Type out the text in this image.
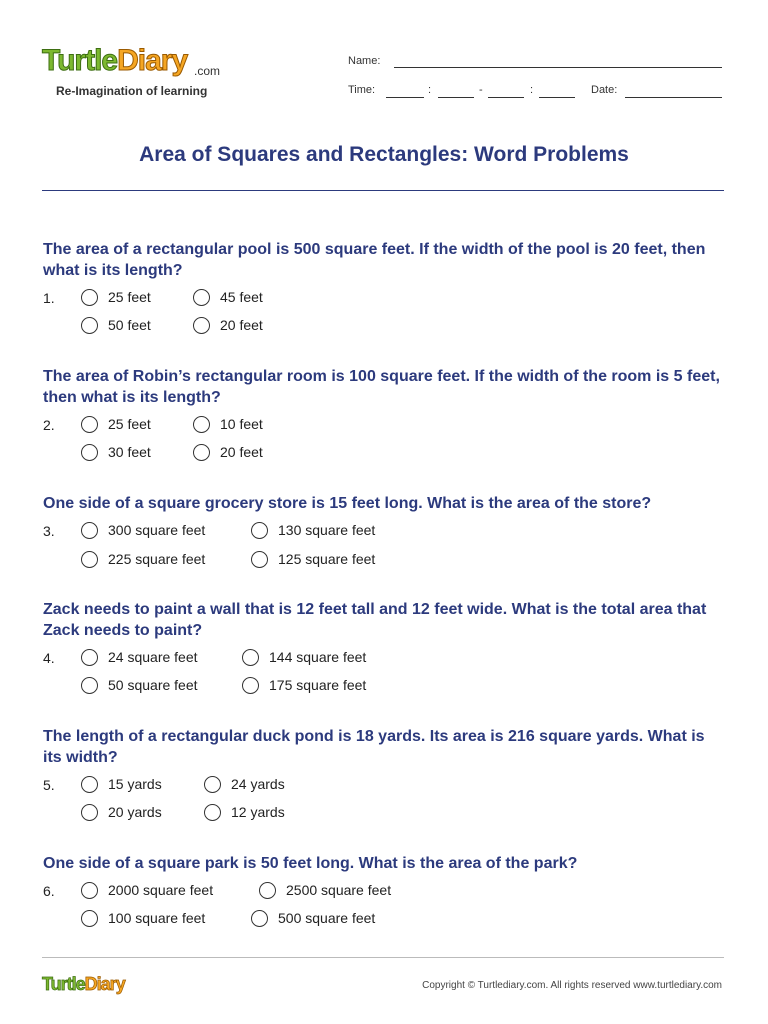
TurtleDiary .com
Re-Imagination of learning
Name:
Time:	:	-	:	Date:
Area of Squares and Rectangles: Word Problems
The area of a rectangular pool is 500 square feet. If the width of the pool is 20 feet, then what is its length?
1.	25 feet	45 feet
50 feet	20 feet
The area of Robin’s rectangular room is 100 square feet. If the width of the room is 5 feet, then what is its length?
2.	25 feet	10 feet
30 feet	20 feet
One side of a square grocery store is 15 feet long. What is the area of the store?
3.	300 square feet	130 square feet
225 square feet	125 square feet
Zack needs to paint a wall that is 12 feet tall and 12 feet wide. What is the total area that Zack needs to paint?
4.	24 square feet	144 square feet
50 square feet	175 square feet
The length of a rectangular duck pond is 18 yards. Its area is 216 square yards. What is its width?
5.	15 yards	24 yards
20 yards	12 yards
One side of a square park is 50 feet long. What is the area of the park?
6.	2000 square feet	2500 square feet
100 square feet	500 square feet
TurtleDiary	Copyright © Turtlediary.com. All rights reserved www.turtlediary.com
